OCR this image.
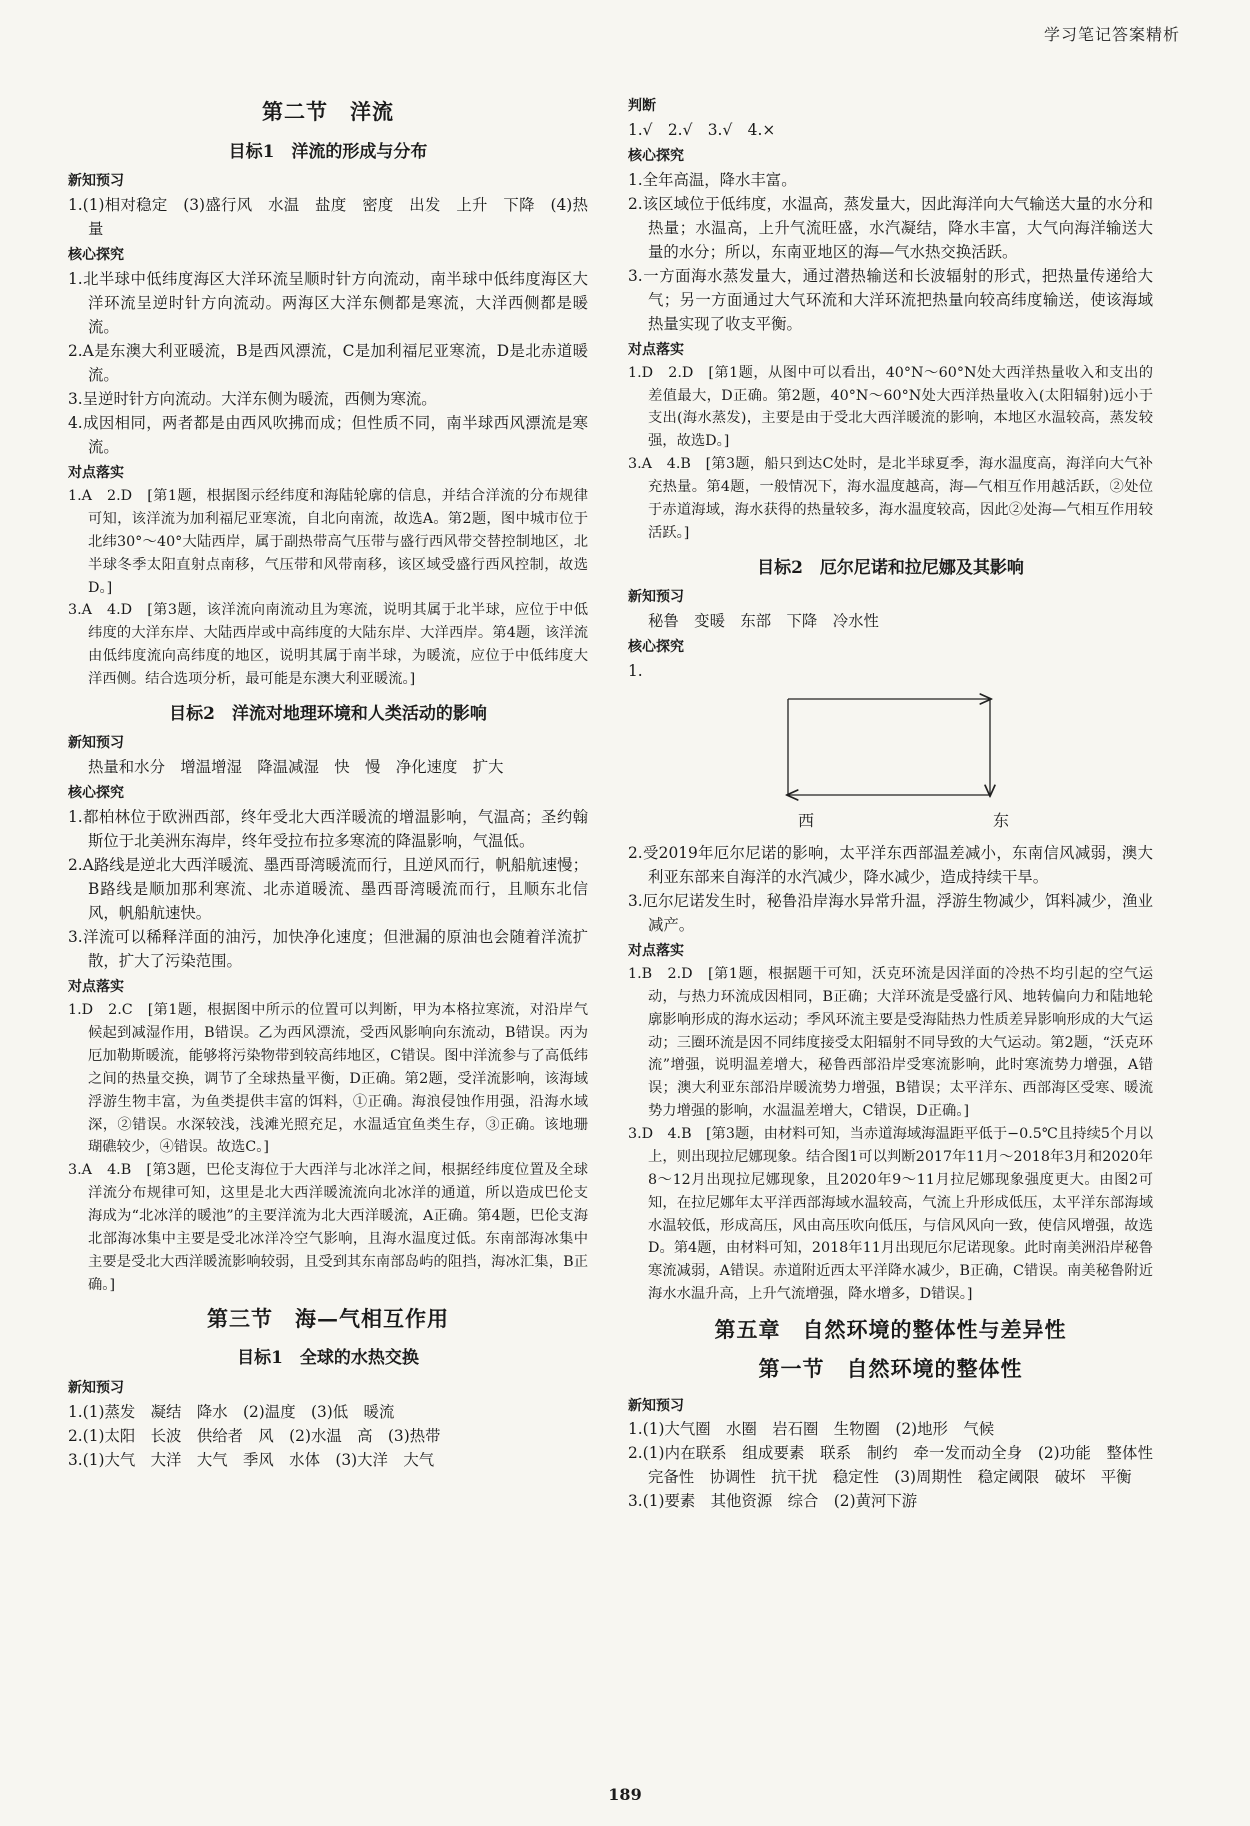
学习笔记答案精析
第二节　洋流
目标1　洋流的形成与分布
新知预习

1.(1)相对稳定　(3)盛行风　水温　盐度　密度　出发　上升　下降　(4)热量

核心探究

1.北半球中低纬度海区大洋环流呈顺时针方向流动，南半球中低纬度海区大洋环流呈逆时针方向流动。两海区大洋东侧都是寒流，大洋西侧都是暖流。

2.A是东澳大利亚暖流，B是西风漂流，C是加利福尼亚寒流，D是北赤道暖流。

3.呈逆时针方向流动。大洋东侧为暖流，西侧为寒流。

4.成因相同，两者都是由西风吹拂而成；但性质不同，南半球西风漂流是寒流。

对点落实

1.A　2.D　[第1题，根据图示经纬度和海陆轮廓的信息，并结合洋流的分布规律可知，该洋流为加利福尼亚寒流，自北向南流，故选A。第2题，图中城市位于北纬30°～40°大陆西岸，属于副热带高气压带与盛行西风带交替控制地区，北半球冬季太阳直射点南移，气压带和风带南移，该区域受盛行西风控制，故选D。]

3.A　4.D　[第3题，该洋流向南流动且为寒流，说明其属于北半球，应位于中低纬度的大洋东岸、大陆西岸或中高纬度的大陆东岸、大洋西岸。第4题，该洋流由低纬度流向高纬度的地区，说明其属于南半球，为暖流，应位于中低纬度大洋西侧。结合选项分析，最可能是东澳大利亚暖流。]

目标2　洋流对地理环境和人类活动的影响
新知预习

热量和水分　增温增湿　降温减湿　快　慢　净化速度　扩大

核心探究

1.都柏林位于欧洲西部，终年受北大西洋暖流的增温影响，气温高；圣约翰斯位于北美洲东海岸，终年受拉布拉多寒流的降温影响，气温低。

2.A路线是逆北大西洋暖流、墨西哥湾暖流而行，且逆风而行，帆船航速慢；B路线是顺加那利寒流、北赤道暖流、墨西哥湾暖流而行，且顺东北信风，帆船航速快。

3.洋流可以稀释洋面的油污，加快净化速度；但泄漏的原油也会随着洋流扩散，扩大了污染范围。

对点落实

1.D　2.C　[第1题，根据图中所示的位置可以判断，甲为本格拉寒流，对沿岸气候起到减湿作用，B错误。乙为西风漂流，受西风影响向东流动，B错误。丙为厄加勒斯暖流，能够将污染物带到较高纬地区，C错误。图中洋流参与了高低纬之间的热量交换，调节了全球热量平衡，D正确。第2题，受洋流影响，该海域浮游生物丰富，为鱼类提供丰富的饵料，①正确。海浪侵蚀作用强，沿海水域深，②错误。水深较浅，浅滩光照充足，水温适宜鱼类生存，③正确。该地珊瑚礁较少，④错误。故选C。]

3.A　4.B　[第3题，巴伦支海位于大西洋与北冰洋之间，根据经纬度位置及全球洋流分布规律可知，这里是北大西洋暖流流向北冰洋的通道，所以造成巴伦支海成为“北冰洋的暖池”的主要洋流为北大西洋暖流，A正确。第4题，巴伦支海北部海冰集中主要是受北冰洋冷空气影响，且海水温度过低。东南部海冰集中主要是受北大西洋暖流影响较弱，且受到其东南部岛屿的阻挡，海冰汇集，B正确。]

第三节　海—气相互作用
目标1　全球的水热交换
新知预习

1.(1)蒸发　凝结　降水　(2)温度　(3)低　暖流

2.(1)太阳　长波　供给者　风　(2)水温　高　(3)热带

3.(1)大气　大洋　大气　季风　水体　(3)大洋　大气

判断

1.√　2.√　3.√　4.×

核心探究

1.全年高温，降水丰富。

2.该区域位于低纬度，水温高，蒸发量大，因此海洋向大气输送大量的水分和热量；水温高，上升气流旺盛，水汽凝结，降水丰富，大气向海洋输送大量的水分；所以，东南亚地区的海—气水热交换活跃。

3.一方面海水蒸发量大，通过潜热输送和长波辐射的形式，把热量传递给大气；另一方面通过大气环流和大洋环流把热量向较高纬度输送，使该海域热量实现了收支平衡。

对点落实

1.D　2.D　[第1题，从图中可以看出，40°N～60°N处大西洋热量收入和支出的差值最大，D正确。第2题，40°N～60°N处大西洋热量收入(太阳辐射)远小于支出(海水蒸发)，主要是由于受北大西洋暖流的影响，本地区水温较高，蒸发较强，故选D。]

3.A　4.B　[第3题，船只到达C处时，是北半球夏季，海水温度高，海洋向大气补充热量。第4题，一般情况下，海水温度越高，海—气相互作用越活跃，②处位于赤道海域，海水获得的热量较多，海水温度较高，因此②处海—气相互作用较活跃。]

目标2　厄尔尼诺和拉尼娜及其影响
新知预习

秘鲁　变暖　东部　下降　冷水性

核心探究

1.

西	东

2.受2019年厄尔尼诺的影响，太平洋东西部温差减小，东南信风减弱，澳大利亚东部来自海洋的水汽减少，降水减少，造成持续干旱。

3.厄尔尼诺发生时，秘鲁沿岸海水异常升温，浮游生物减少，饵料减少，渔业减产。

对点落实

1.B　2.D　[第1题，根据题干可知，沃克环流是因洋面的冷热不均引起的空气运动，与热力环流成因相同，B正确；大洋环流是受盛行风、地转偏向力和陆地轮廓影响形成的海水运动；季风环流主要是受海陆热力性质差异影响形成的大气运动；三圈环流是因不同纬度接受太阳辐射不同导致的大气运动。第2题，“沃克环流”增强，说明温差增大，秘鲁西部沿岸受寒流影响，此时寒流势力增强，A错误；澳大利亚东部沿岸暖流势力增强，B错误；太平洋东、西部海区受寒、暖流势力增强的影响，水温温差增大，C错误，D正确。]

3.D　4.B　[第3题，由材料可知，当赤道海域海温距平低于−0.5℃且持续5个月以上，则出现拉尼娜现象。结合图1可以判断2017年11月～2018年3月和2020年8～12月出现拉尼娜现象，且2020年9～11月拉尼娜现象强度更大。由图2可知，在拉尼娜年太平洋西部海域水温较高，气流上升形成低压，太平洋东部海域水温较低，形成高压，风由高压吹向低压，与信风风向一致，使信风增强，故选D。第4题，由材料可知，2018年11月出现厄尔尼诺现象。此时南美洲沿岸秘鲁寒流减弱，A错误。赤道附近西太平洋降水减少，B正确，C错误。南美秘鲁附近海水水温升高，上升气流增强，降水增多，D错误。]

第五章　自然环境的整体性与差异性
第一节　自然环境的整体性
新知预习

1.(1)大气圈　水圈　岩石圈　生物圈　(2)地形　气候

2.(1)内在联系　组成要素　联系　制约　牵一发而动全身　(2)功能　整体性　完备性　协调性　抗干扰　稳定性　(3)周期性　稳定阈限　破坏　平衡

3.(1)要素　其他资源　综合　(2)黄河下游

189
